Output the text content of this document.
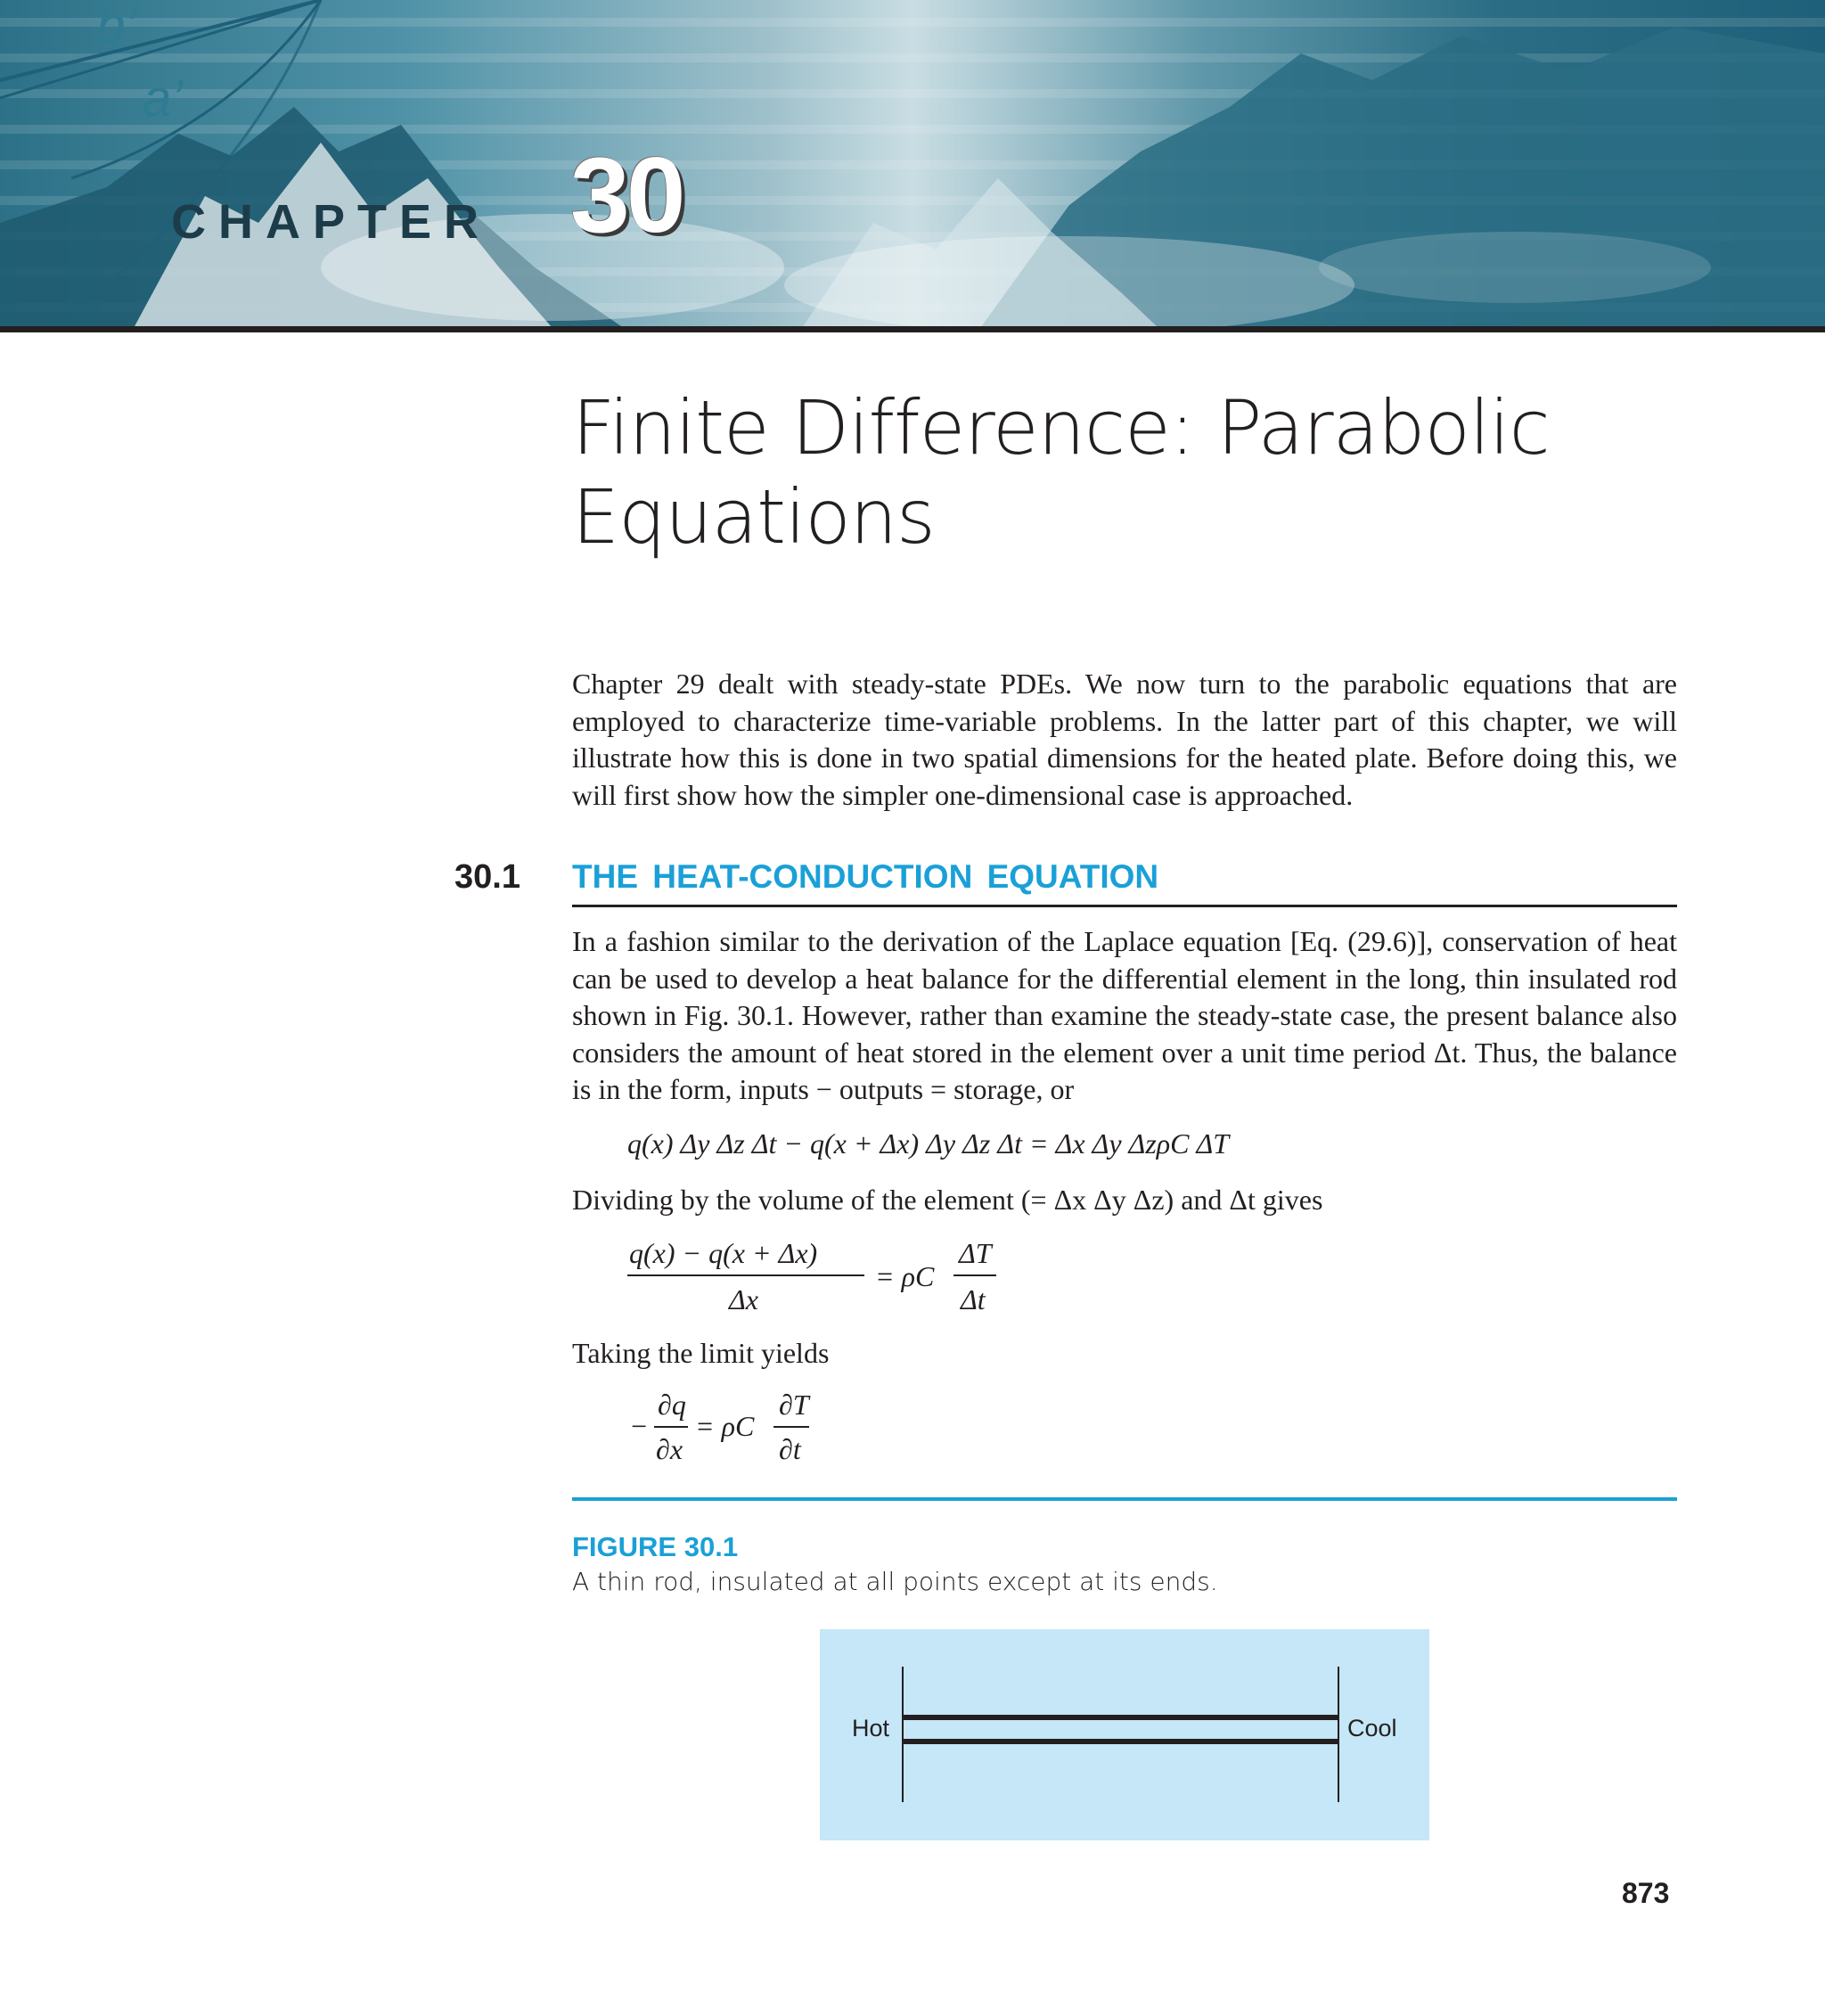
b’
a’
CHAPTER 30
Finite Difference: Parabolic Equations
Chapter 29 dealt with steady-state PDEs. We now turn to the parabolic equations that are employed to characterize time-variable problems. In the latter part of this chapter, we will illustrate how this is done in two spatial dimensions for the heated plate. Before doing this, we will first show how the simpler one-dimensional case is approached.
30.1 THE HEAT-CONDUCTION EQUATION
In a fashion similar to the derivation of the Laplace equation [Eq. (29.6)], conservation of heat can be used to develop a heat balance for the differential element in the long, thin insulated rod shown in Fig. 30.1. However, rather than examine the steady-state case, the present balance also considers the amount of heat stored in the element over a unit time period Δt. Thus, the balance is in the form, inputs − outputs = storage, or
q(x) Δy Δz Δt − q(x + Δx) Δy Δz Δt = Δx Δy ΔzρC ΔT
Dividing by the volume of the element (= Δx Δy Δz) and Δt gives
q(x) − q(x + Δx)
Δx
= ρC
ΔT
Δt
Taking the limit yields
−
∂q
∂x
= ρC
∂T
∂t
FIGURE 30.1
A thin rod, insulated at all points except at its ends.
Hot	Cool
873
